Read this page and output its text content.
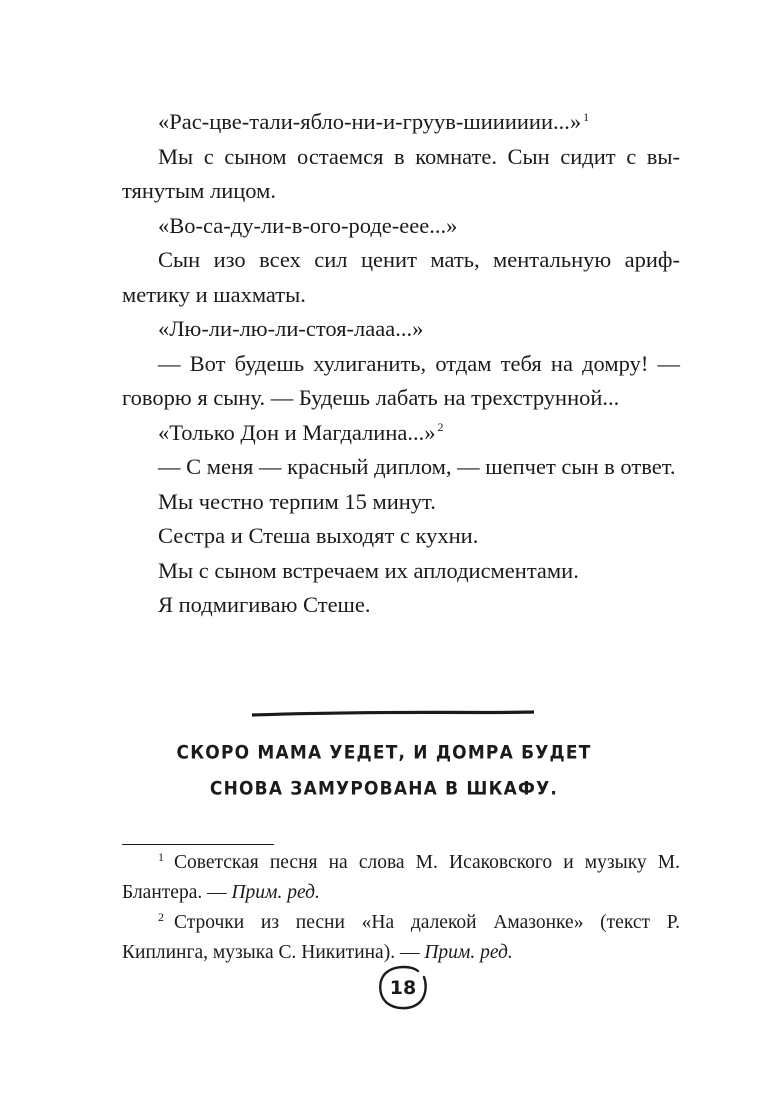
«Рас-цве-тали-ябло-ни-и-груув-шииииии...» $^1$

Мы с сыном остаемся в комнате. Сын сидит с вытянутым лицом.

«Во-са-ду-ли-в-ого-роде-еее...»

Сын изо всех сил ценит мать, ментальную арифметику и шахматы.

«Лю-ли-лю-ли-стоя-лааа...»

— Вот будешь хулиганить, отдам тебя на домру! — говорю я сыну. — Будешь лабать на трехструнной...

«Только Дон и Магдалина...» $^2$

— С меня — красный диплом, — шепчет сын в ответ.

Мы честно терпим 15 минут.

Сестра и Стеша выходят с кухни.

Мы с сыном встречаем их аплодисментами.

Я подмигиваю Стеше.

СКОРО МАМА УЕДЕТ, И ДОМРА БУДЕТ
СНОВА ЗАМУРОВАНА В ШКАФУ.

$^1$ Советская песня на слова М. Исаковского и музыку М. Блантера. — Прим. ред.

$^2$ Строчки из песни «На далекой Амазонке» (текст Р. Киплинга, музыка С. Никитина). — Прим. ред.

18
